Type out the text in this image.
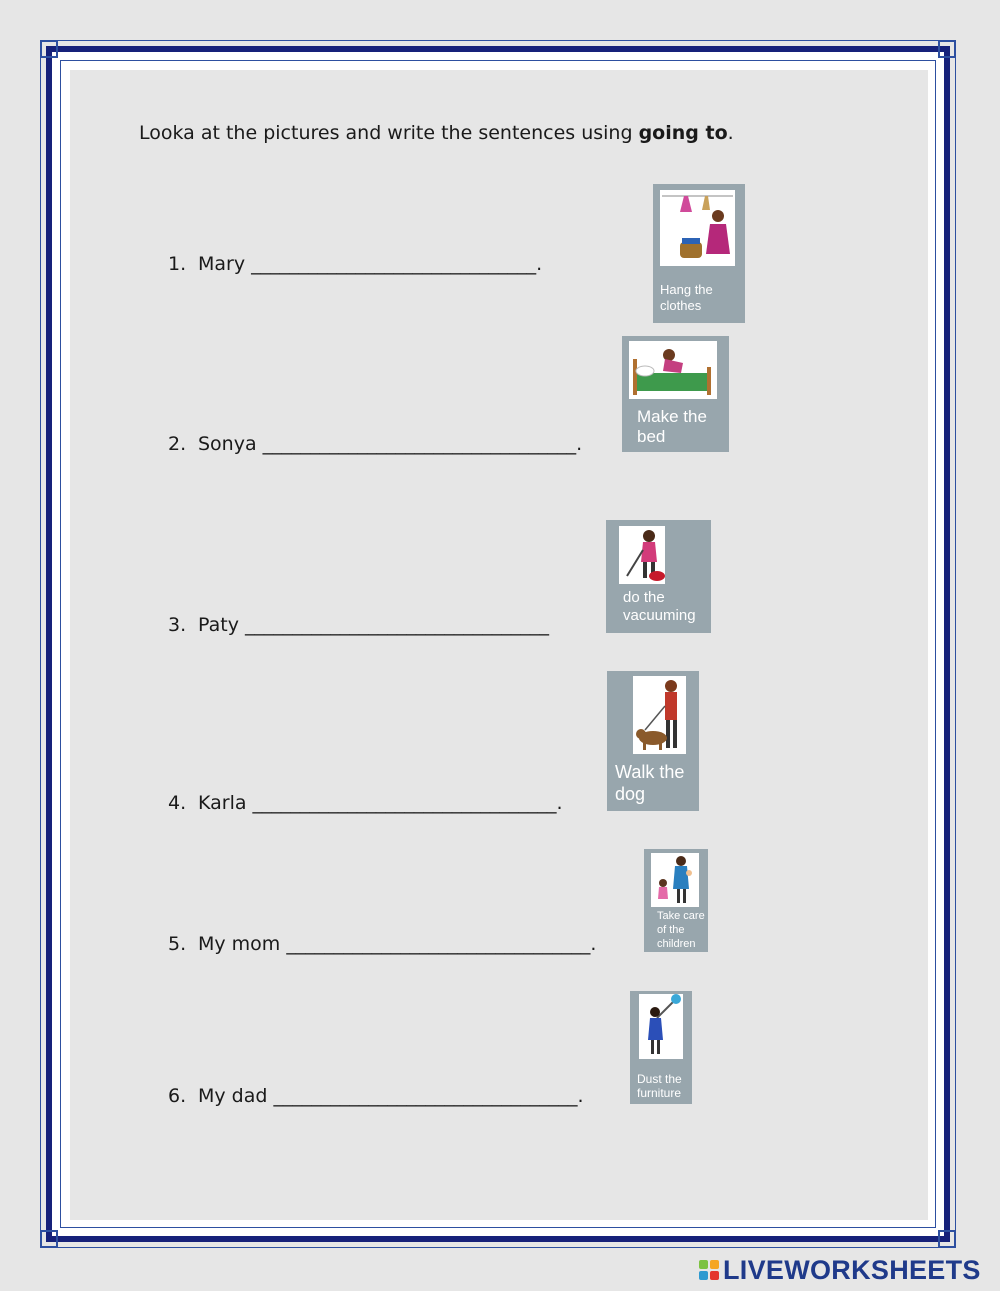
Looka at the pictures and write the sentences using going to.
1. Mary ______________________________.
2. Sonya _________________________________.
3. Paty ________________________________
4. Karla ________________________________.
5. My mom ________________________________.
6. My dad ________________________________.
Hang the clothes
Make the bed
do the vacuuming
Walk the dog
Take care of the children
Dust the furniture
LIVEWORKSHEETS
